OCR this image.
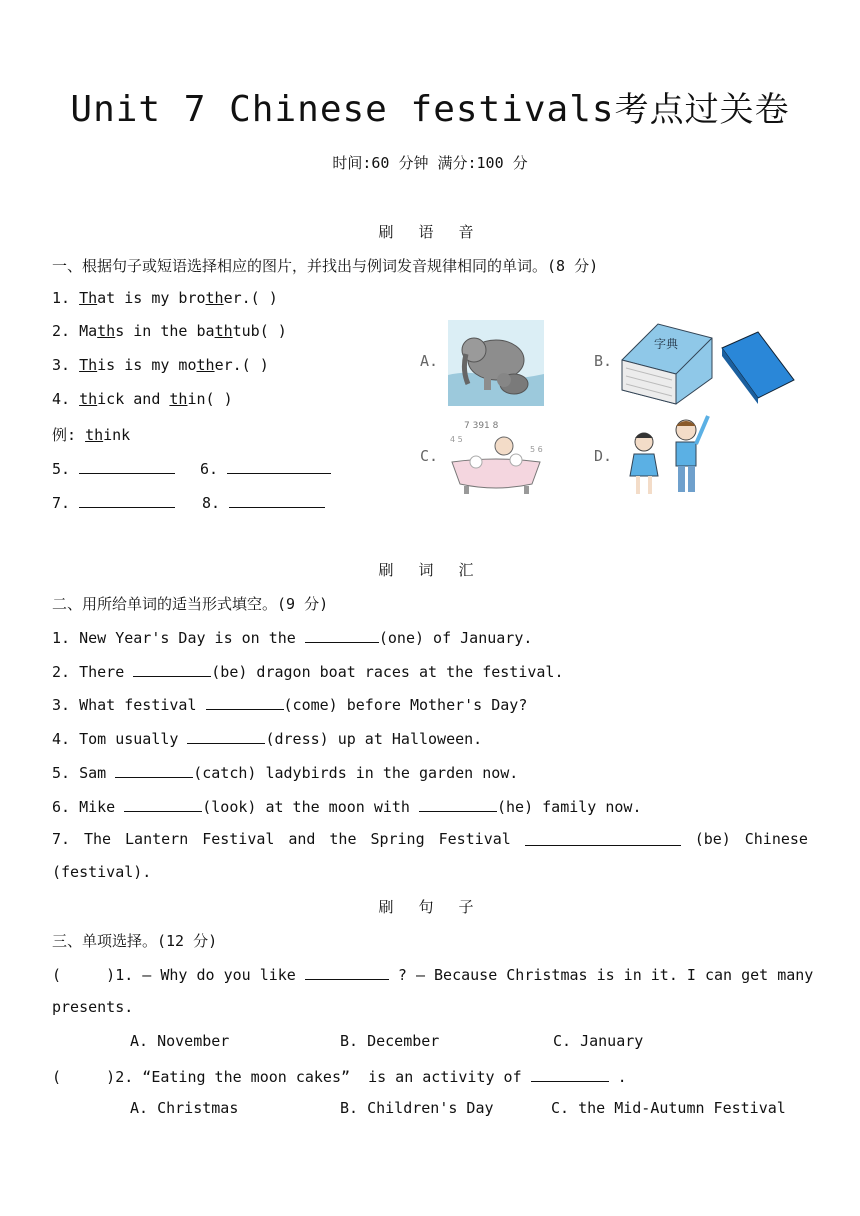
Unit 7 Chinese festivals考点过关卷
时间:60 分钟 满分:100 分
刷 语 音
一、根据句子或短语选择相应的图片，并找出与例词发音规律相同的单词。(8 分)
1. That is my brother.( )
2. Maths in the bathtub( )
3. This is my mother.( )
4. thick and thin( )
例: think
5.	6.
7.	8.
A.	B.
C.	D.
字典
7 391 8
4 5
5 6
刷 词 汇
二、用所给单词的适当形式填空。(9 分)
1. New Year's Day is on the	(one) of January.
2. There	(be) dragon boat races at the festival.
3. What festival	(come) before Mother's Day?
4. Tom usually	(dress) up at Halloween.
5. Sam	(catch) ladybirds in the garden now.
6. Mike	(look) at the moon with	(he) family now.
7. The Lantern Festival and the Spring Festival	(be) Chinese
(festival).
刷 句 子
三、单项选择。(12 分)
(     )1. — Why do you like	? — Because Christmas is in it. I can get many
presents.
A. November	B. December	C. January
(     )2. “Eating the moon cakes”  is an activity of	.
A. Christmas	B. Children's Day	C. the Mid-Autumn Festival
